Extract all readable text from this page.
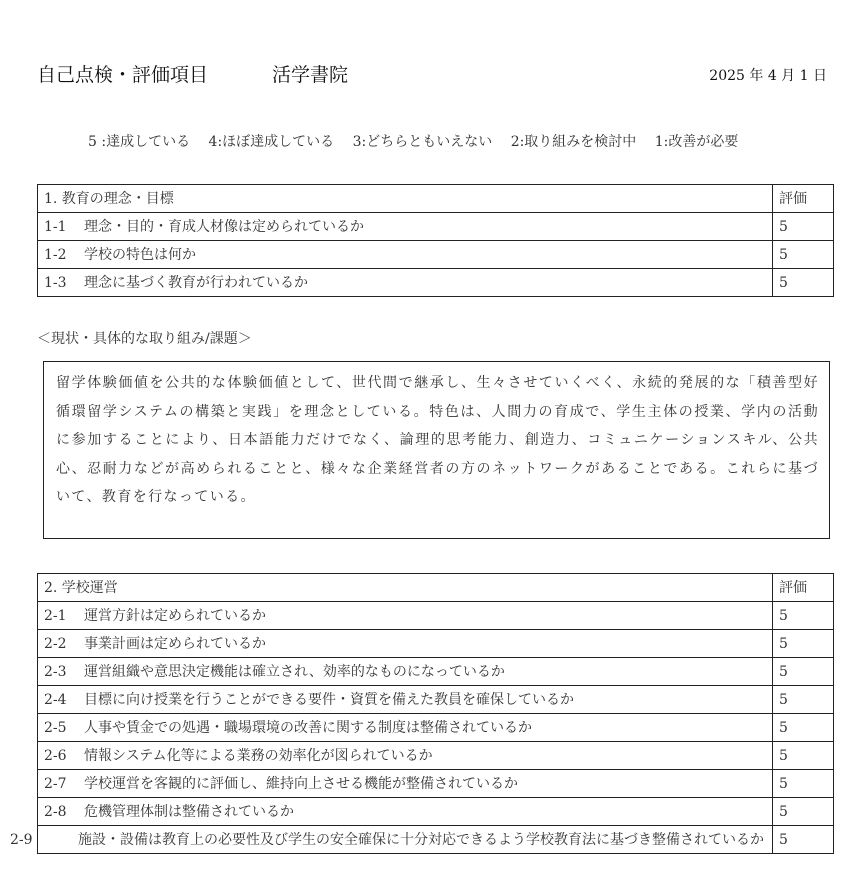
自己点検・評価項目	活学書院	2025 年 4 月 1 日
5 :達成している 4:ほぼ達成している 3:どちらともいえない 2:取り組みを検討中 1:改善が必要
1. 教育の理念・目標	評価
1-1 理念・目的・育成人材像は定められているか	5
1-2 学校の特色は何か	5
1-3 理念に基づく教育が行われているか	5
＜現状・具体的な取り組み/課題＞
留学体験価値を公共的な体験価値として、世代間で継承し、生々させていくべく、永続的発展的な「積善型好循環留学システムの構築と実践」を理念としている。特色は、人間力の育成で、学生主体の授業、学内の活動に参加することにより、日本語能力だけでなく、論理的思考能力、創造力、コミュニケーションスキル、公共心、忍耐力などが高められることと、様々な企業経営者の方のネットワークがあることである。これらに基づいて、教育を行なっている。
2. 学校運営	評価
2-1 運営方針は定められているか	5
2-2 事業計画は定められているか	5
2-3 運営組織や意思決定機能は確立され、効率的なものになっているか	5
2-4 目標に向け授業を行うことができる要件・資質を備えた教員を確保しているか	5
2-5 人事や賃金での処遇・職場環境の改善に関する制度は整備されているか	5
2-6 情報システム化等による業務の効率化が図られているか	5
2-7 学校運営を客観的に評価し、維持向上させる機能が整備されているか	5
2-8 危機管理体制は整備されているか	5

2-9 施設・設備は教育上の必要性及び学生の安全確保に十分対応できるよう学校教育法に基づき整備されているか	5
